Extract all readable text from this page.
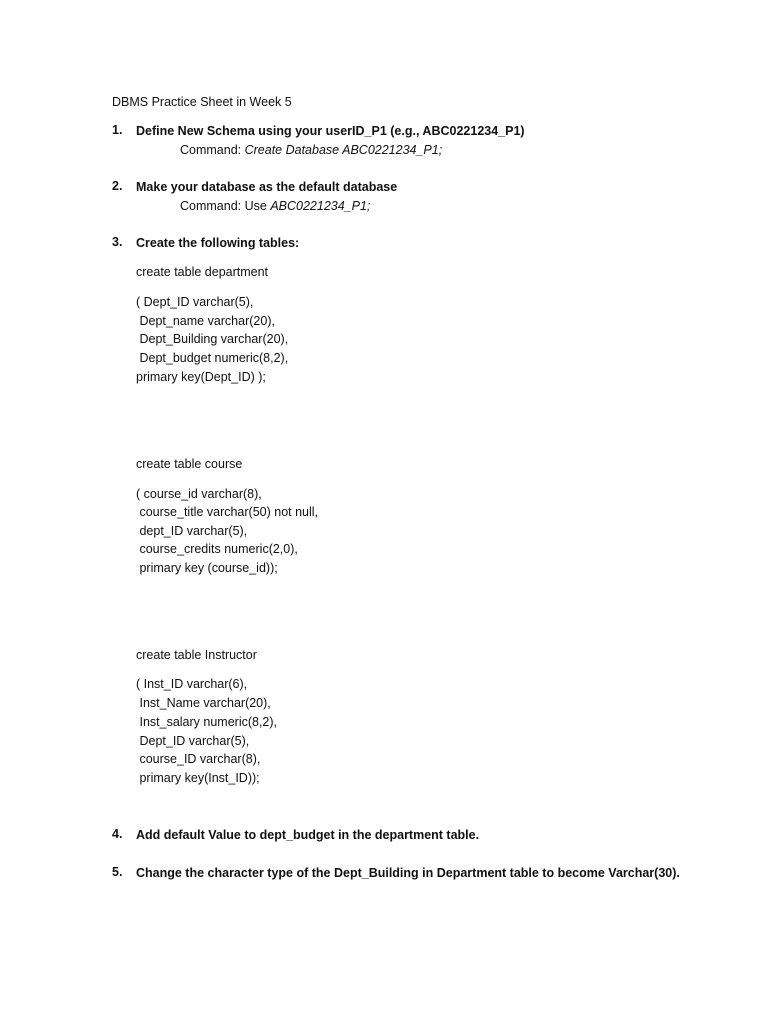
DBMS Practice Sheet in Week 5
1. Define New Schema using your userID_P1 (e.g., ABC0221234_P1)
Command: Create Database ABC0221234_P1;
2. Make your database as the default database
Command: Use ABC0221234_P1;
3. Create the following tables:
create table department
( Dept_ID varchar(5),
Dept_name varchar(20),
Dept_Building varchar(20),
Dept_budget numeric(8,2),
primary key(Dept_ID) );
create table course
( course_id varchar(8),
course_title varchar(50) not null,
dept_ID varchar(5),
course_credits numeric(2,0),
primary key (course_id));
create table Instructor
( Inst_ID varchar(6),
Inst_Name varchar(20),
Inst_salary numeric(8,2),
Dept_ID varchar(5),
course_ID varchar(8),
primary key(Inst_ID));
4. Add default Value to dept_budget in the department table.
5. Change the character type of the Dept_Building in Department table to become Varchar(30).
